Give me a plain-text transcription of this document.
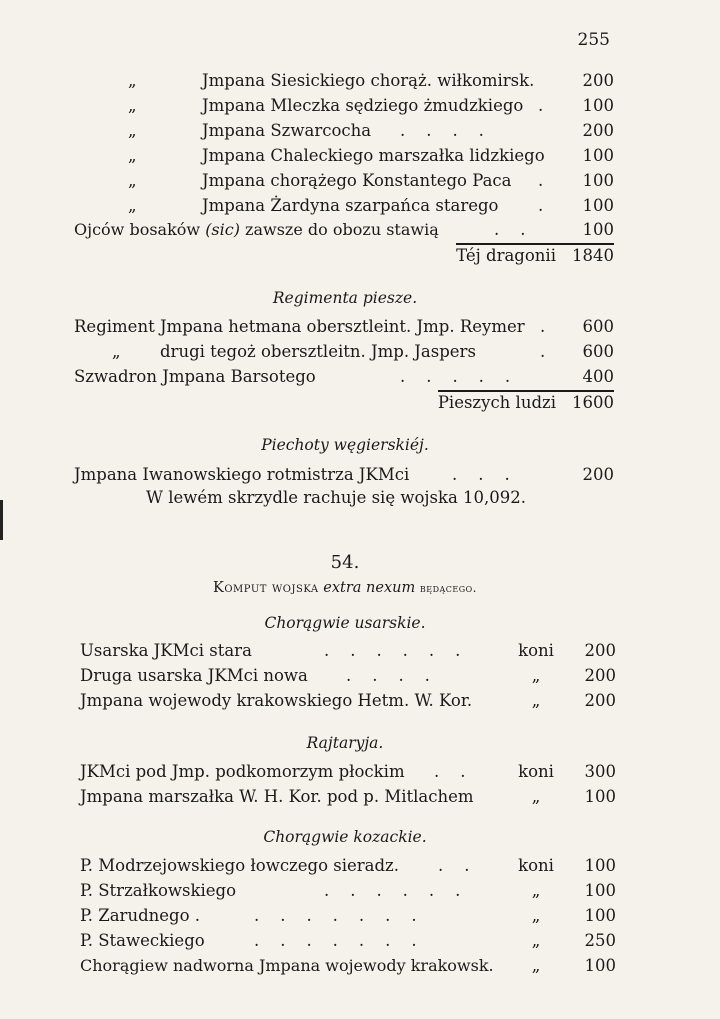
255
„	Jmpana Siesickiego chorąż. wiłkomirsk.	200
„	Jmpana Mleczka sędziego żmudzkiego .	100
„	Jmpana Szwarcocha .    .    .    .	200
„	Jmpana Chaleckiego marszałka lidzkiego	100
„	Jmpana chorążego Konstantego Paca .	100
„	Jmpana Żardyna szarpańca starego .	100
Ojców bosaków (sic) zawsze do obozu stawią	.    .	100
Téj dragonii 1840
Regimenta piesze.
Regiment Jmpana hetmana obersztleint. Jmp. Reymer .	600
„ drugi tegoż obersztleitn. Jmp. Jaspers	.	600
Szwadron Jmpana Barsotego	.    .    .    .    .	400
Pieszych ludzi 1600
Piechoty węgierskiéj.
Jmpana Iwanowskiego rotmistrza JKMci	.    .    .	200
W lewém skrzydle rachuje się wojska 10,092.
54.
Komput wojska extra nexum będącego.
Chorągwie usarskie.
Usarska JKMci stara	.    .    .    .    .    .	koni	200
Druga usarska JKMci nowa .    .    .    .	„	200
Jmpana wojewody krakowskiego Hetm. W. Kor.	„	200
Rajtaryja.
JKMci pod Jmp. podkomorzym płockim .    .	koni	300
Jmpana marszałka W. H. Kor. pod p. Mitlachem	„	100
Chorągwie kozackie.
P. Modrzejowskiego łowczego sieradz. .    .	koni	100
P. Strzałkowskiego	.    .    .    .    .    .	„	100
P. Zarudnego .	.    .    .    .    .    .    .	„	100
P. Staweckiego	.    .    .    .    .    .    .	„	250
Chorągiew nadworna Jmpana wojewody krakowsk.	„	100
